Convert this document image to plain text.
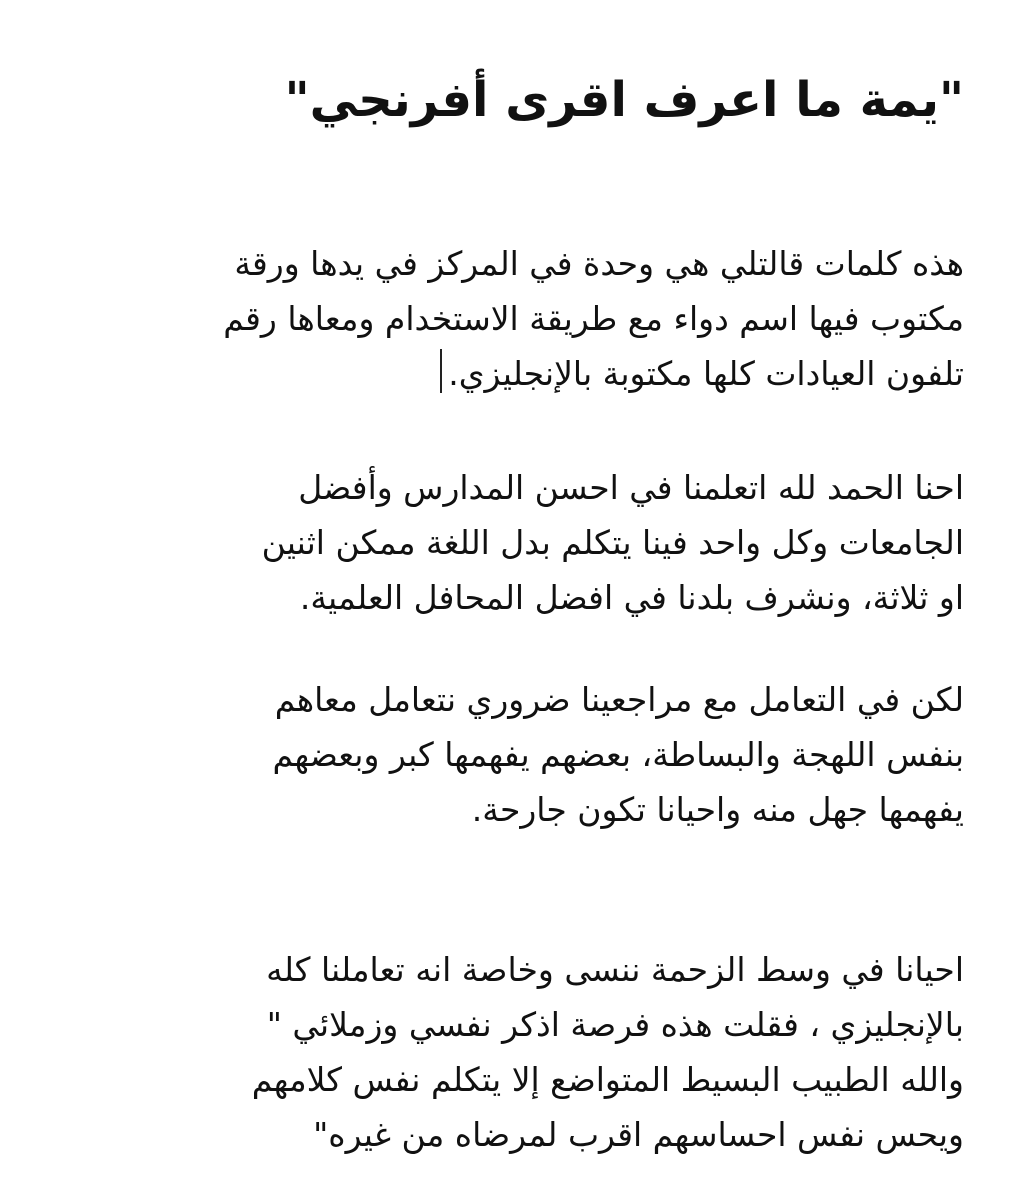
"يمة ما اعرف اقرى أفرنجي"

هذه كلمات قالتلي هي وحدة في المركز في يدها ورقة
مكتوب فيها اسم دواء مع طريقة الاستخدام ومعاها رقم
تلفون العيادات كلها مكتوبة بالإنجليزي.

احنا الحمد لله اتعلمنا في احسن المدارس وأفضل
الجامعات وكل واحد فينا يتكلم بدل اللغة ممكن اثنين
او ثلاثة، ونشرف بلدنا في افضل المحافل العلمية.

لكن في التعامل مع مراجعينا ضروري نتعامل معاهم
بنفس اللهجة والبساطة، بعضهم يفهمها كبر وبعضهم
يفهمها جهل منه واحيانا تكون جارحة.

احيانا في وسط الزحمة ننسى وخاصة انه تعاملنا كله
بالإنجليزي ، فقلت هذه فرصة اذكر نفسي وزملائي "
والله الطبيب البسيط المتواضع إلا يتكلم نفس كلامهم
ويحس نفس احساسهم اقرب لمرضاه من غيره"
